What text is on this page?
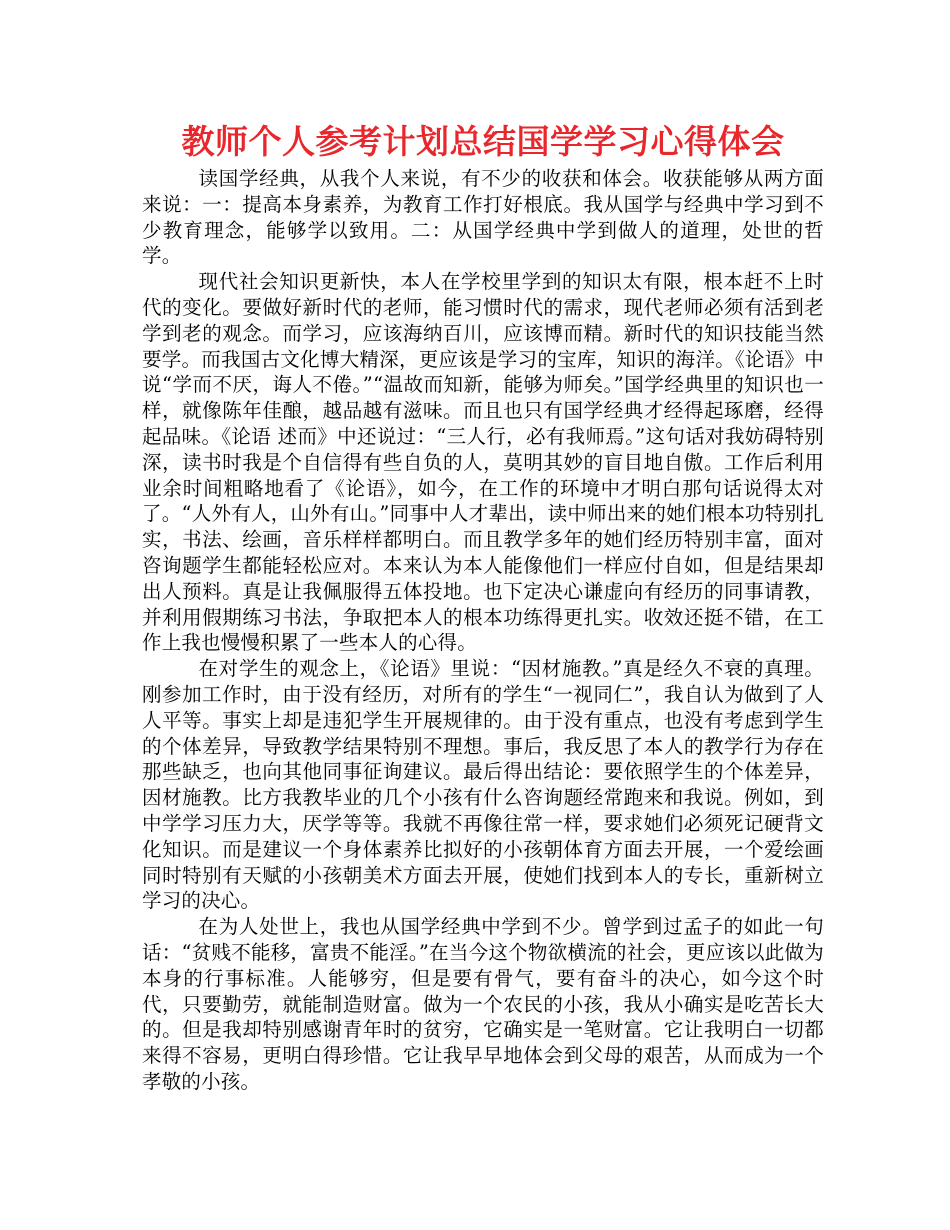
教师个人参考计划总结国学学习心得体会

读国学经典，从我个人来说，有不少的收获和体会。收获能够从两方面来说：一：提高本身素养，为教育工作打好根底。我从国学与经典中学习到不少教育理念，能够学以致用。二：从国学经典中学到做人的道理，处世的哲学。

现代社会知识更新快，本人在学校里学到的知识太有限，根本赶不上时代的变化。要做好新时代的老师，能习惯时代的需求，现代老师必须有活到老学到老的观念。而学习，应该海纳百川，应该博而精。新时代的知识技能当然要学。而我国古文化博大精深，更应该是学习的宝库，知识的海洋。《论语》中说“学而不厌，诲人不倦。”“温故而知新，能够为师矣。”国学经典里的知识也一样，就像陈年佳酿，越品越有滋味。而且也只有国学经典才经得起琢磨，经得起品味。《论语 述而》中还说过：“三人行，必有我师焉。”这句话对我妨碍特别深，读书时我是个自信得有些自负的人，莫明其妙的盲目地自傲。工作后利用业余时间粗略地看了《论语》，如今，在工作的环境中才明白那句话说得太对了。“人外有人，山外有山。”同事中人才辈出，读中师出来的她们根本功特别扎实，书法、绘画，音乐样样都明白。而且教学多年的她们经历特别丰富，面对咨询题学生都能轻松应对。本来认为本人能像他们一样应付自如，但是结果却出人预料。真是让我佩服得五体投地。也下定决心谦虚向有经历的同事请教，并利用假期练习书法，争取把本人的根本功练得更扎实。收效还挺不错，在工作上我也慢慢积累了一些本人的心得。

在对学生的观念上，《论语》里说：“因材施教。”真是经久不衰的真理。刚参加工作时，由于没有经历，对所有的学生“一视同仁”，我自认为做到了人人平等。事实上却是违犯学生开展规律的。由于没有重点，也没有考虑到学生的个体差异，导致教学结果特别不理想。事后，我反思了本人的教学行为存在那些缺乏，也向其他同事征询建议。最后得出结论：要依照学生的个体差异，因材施教。比方我教毕业的几个小孩有什么咨询题经常跑来和我说。例如，到中学学习压力大，厌学等等。我就不再像往常一样，要求她们必须死记硬背文化知识。而是建议一个身体素养比拟好的小孩朝体育方面去开展，一个爱绘画同时特别有天赋的小孩朝美术方面去开展，使她们找到本人的专长，重新树立学习的决心。

在为人处世上，我也从国学经典中学到不少。曾学到过孟子的如此一句话：“贫贱不能移，富贵不能淫。”在当今这个物欲横流的社会，更应该以此做为本身的行事标准。人能够穷，但是要有骨气，要有奋斗的决心，如今这个时代，只要勤劳，就能制造财富。做为一个农民的小孩，我从小确实是吃苦长大的。但是我却特别感谢青年时的贫穷，它确实是一笔财富。它让我明白一切都来得不容易，更明白得珍惜。它让我早早地体会到父母的艰苦，从而成为一个孝敬的小孩。
